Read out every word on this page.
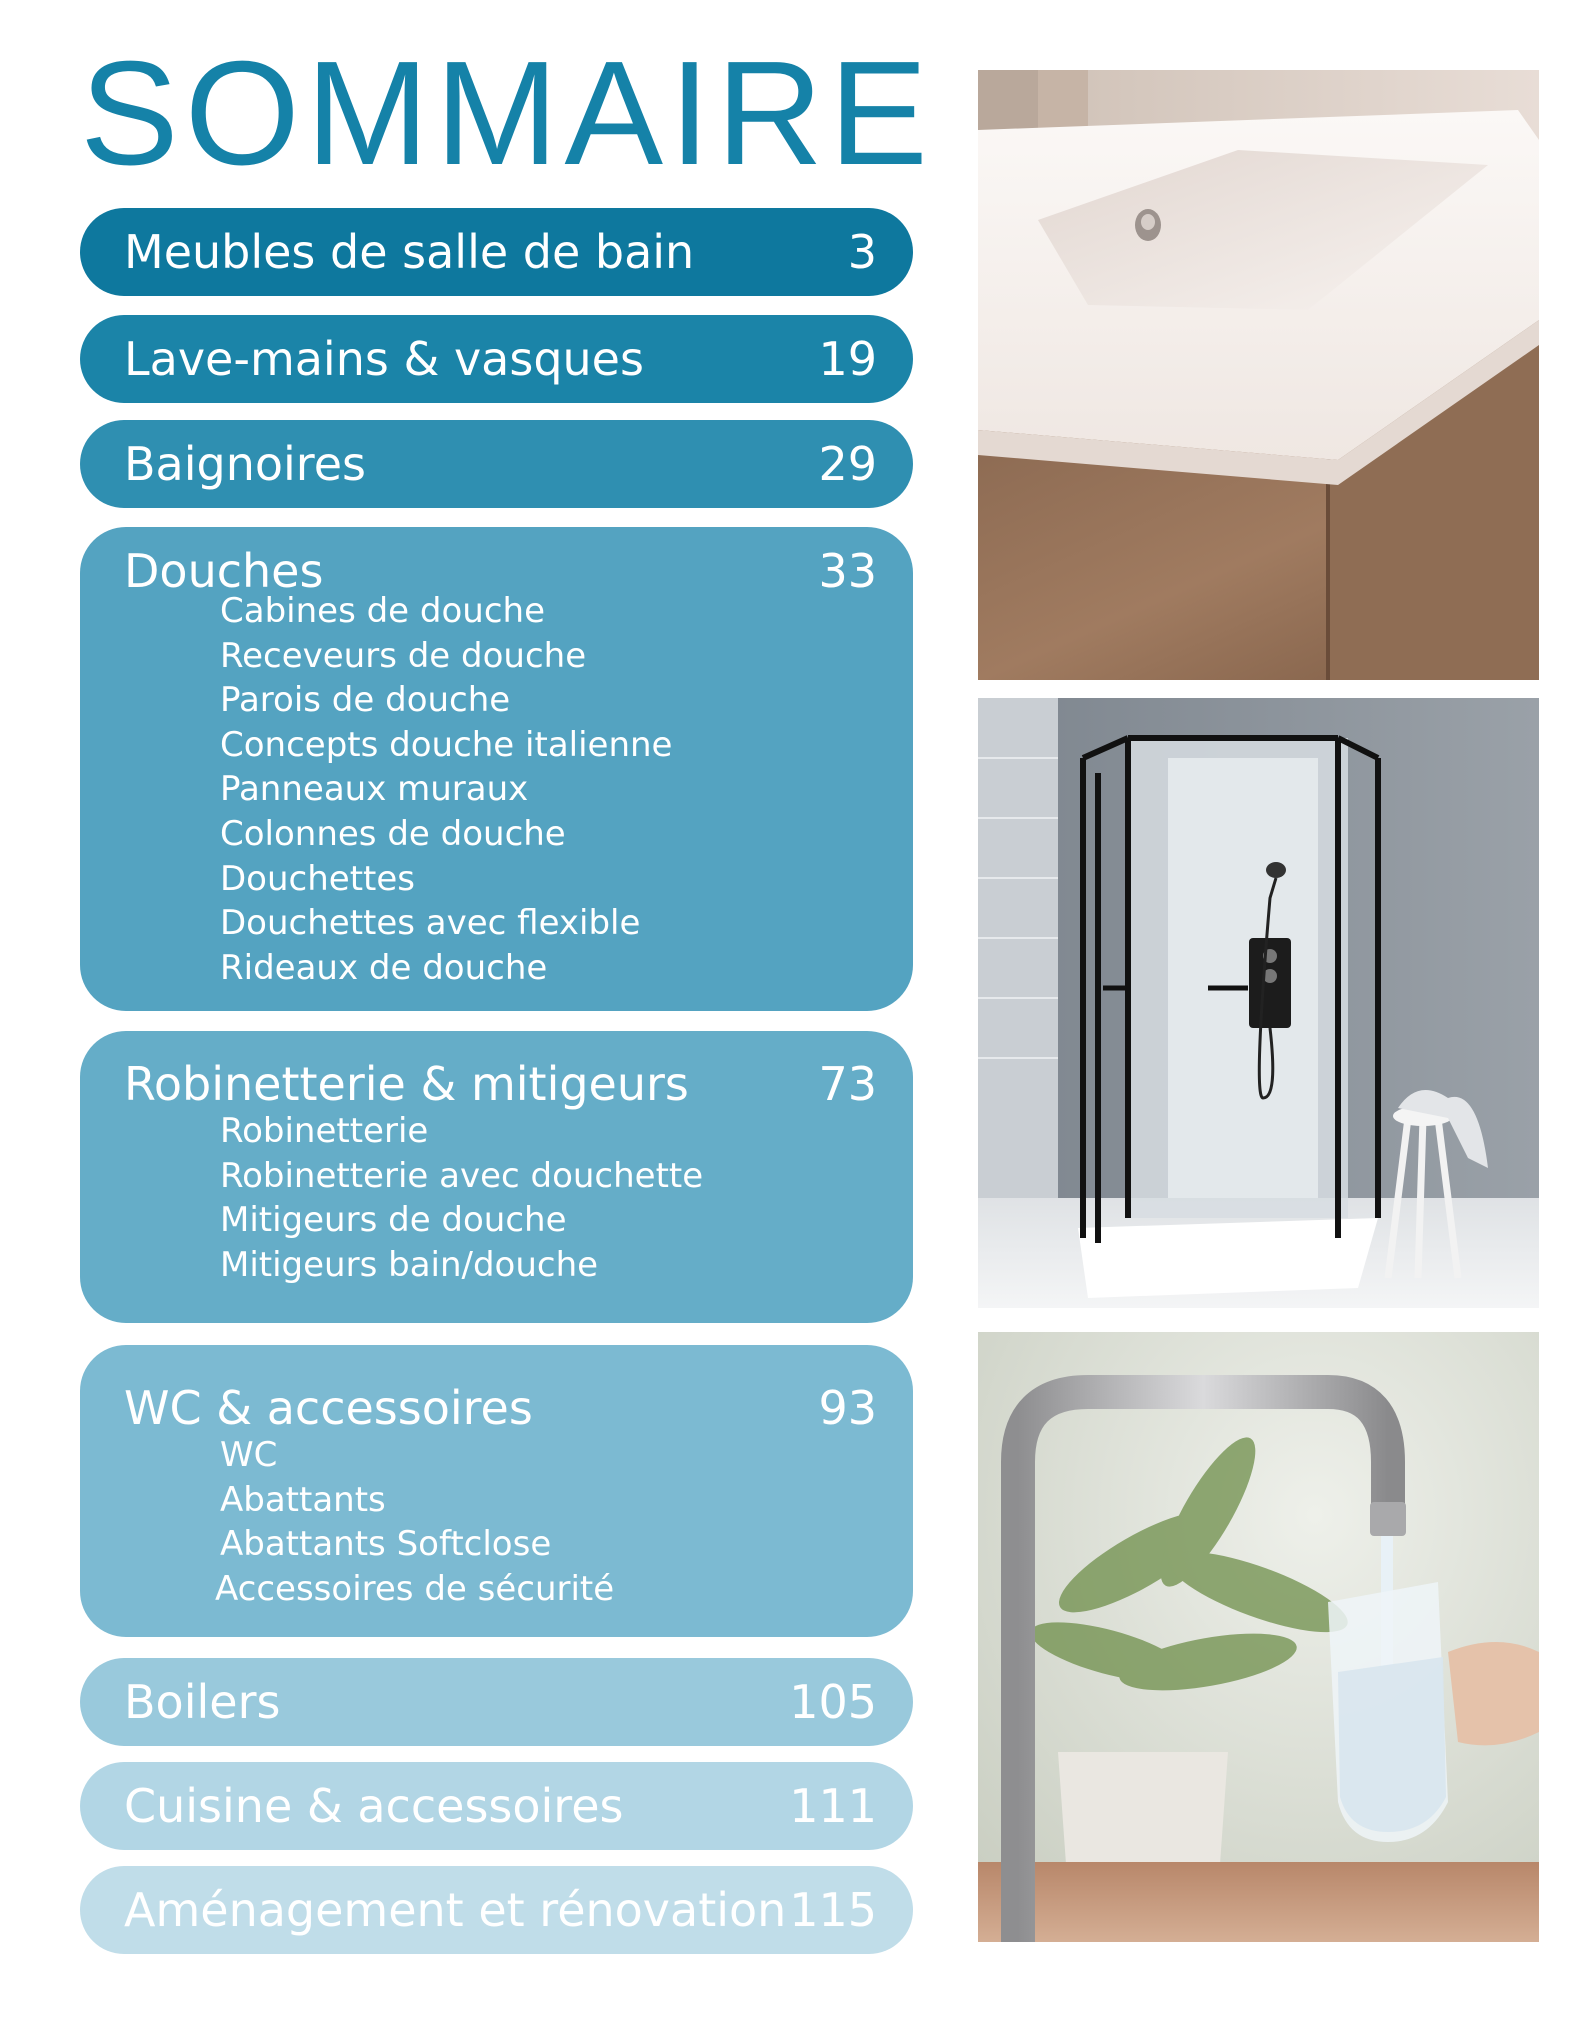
SOMMAIRE
Meubles de salle de bain	3
Lave-mains & vasques	19
Baignoires	29
Douches	33
Cabines de douche
Receveurs de douche
Parois de douche
Concepts douche italienne
Panneaux muraux
Colonnes de douche
Douchettes
Douchettes avec flexible
Rideaux de douche
Robinetterie & mitigeurs	73
Robinetterie
Robinetterie avec douchette
Mitigeurs de douche
Mitigeurs bain/douche
WC & accessoires	93
WC
Abattants
Abattants Softclose
Accessoires de sécurité
Boilers	105
Cuisine & accessoires	111
Aménagement et rénovation 115
